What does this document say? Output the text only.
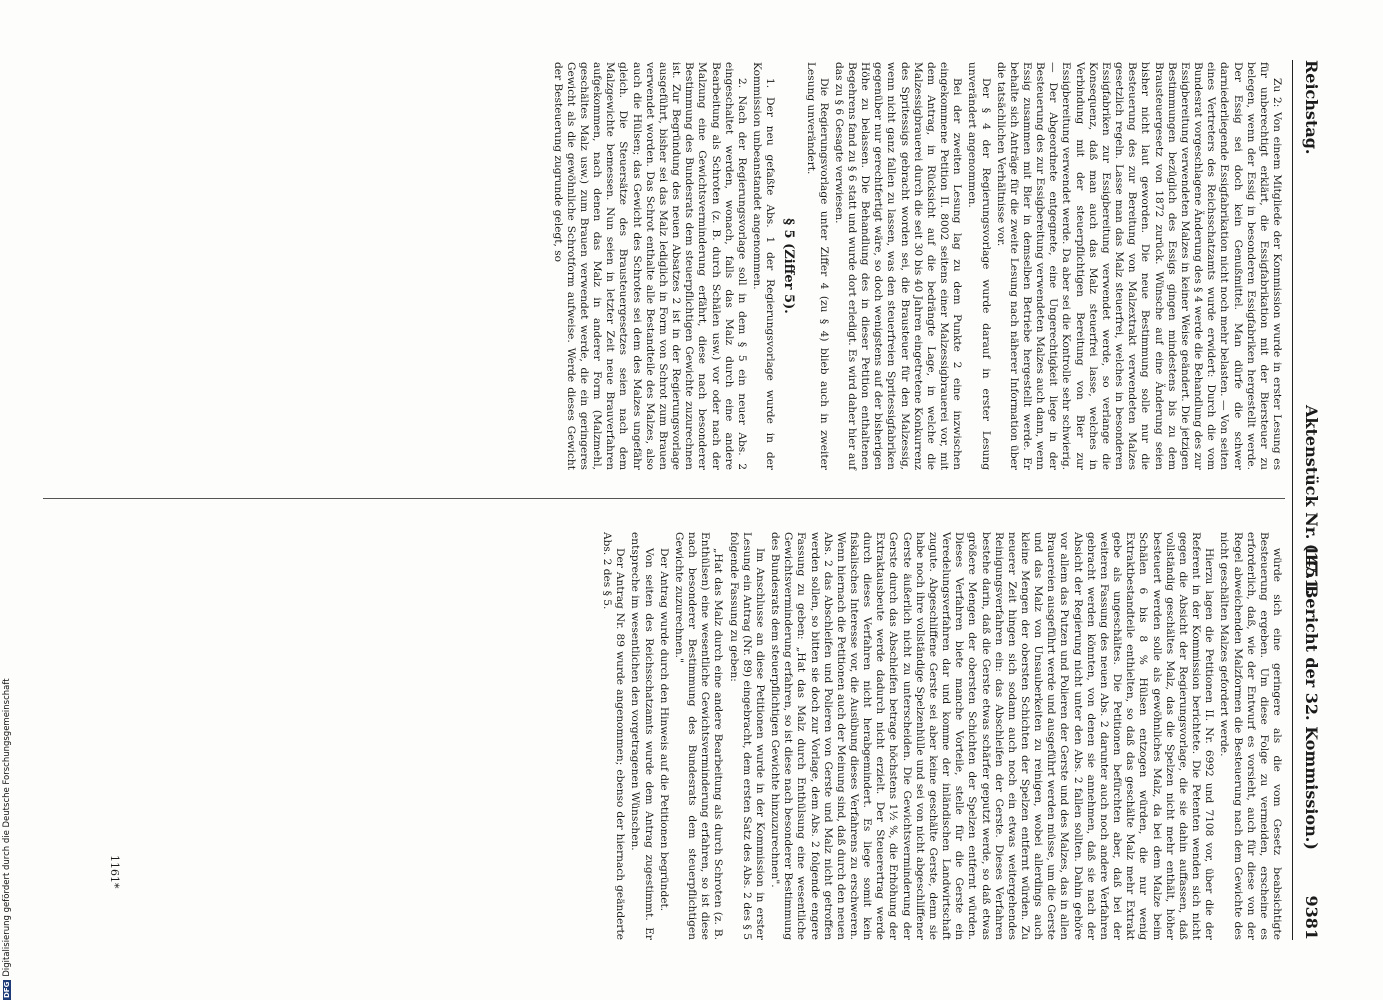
Reichstag.
Aktenstück Nr. 1451.
(17. Bericht der 32. Kommission.) 9381

Zu 2: Von einem Mitgliede der Kommission wurde in erster Lesung es für unberechtigt erklärt, die Essigfabrikation mit der Biersteuer zu belegen, wenn der Essig in besonderen Essigfabriken hergestellt werde. Der Essig sei doch kein Genußmittel. Man dürfe die schwer darniederliegende Essigfabrikation nicht noch mehr belasten. — Von seiten eines Vertreters des Reichsschatzamts wurde erwidert: Durch die vom Bundesrat vorgeschlagene Änderung des § 4 werde die Behandlung des zur Essigbereitung verwendeten Malzes in keiner Weise geändert. Die jetzigen Bestimmungen bezüglich des Essigs gingen mindestens bis zu dem Brausteuergesetz von 1872 zurück. Wünsche auf eine Änderung seien bisher nicht laut geworden. Die neue Bestimmung solle nur die Besteuerung des zur Bereitung von Malzextrakt verwendeten Malzes gesetzlich regeln. Lasse man das Malz steuerfrei, welches in besonderen Essigfabriken zur Essigbereitung verwendet werde, so verlange die Konsequenz, daß man auch das Malz steuerfrei lasse, welches in Verbindung mit der steuerpflichtigen Bereitung von Bier zur Essigbereitung verwendet werde. Da aber sei die Kontrolle sehr schwierig. — Der Abgeordnete entgegnete, eine Ungerechtigkeit liege in der Besteuerung des zur Essigbereitung verwendeten Malzes auch dann, wenn Essig zusammen mit Bier in demselben Betriebe hergestellt werde. Er behalte sich Anträge für die zweite Lesung nach näherer Information über die tatsächlichen Verhältnisse vor.

Der § 4 der Regierungsvorlage wurde darauf in erster Lesung unverändert angenommen.

Bei der zweiten Lesung lag zu dem Punkte 2 eine inzwischen eingekommene Petition II. 8002 seitens einer Malzessigbrauerei vor, mit dem Antrag, in Rücksicht auf die bedrängte Lage, in welche die Malzessigbrauerei durch die seit 30 bis 40 Jahren eingetretene Konkurrenz des Spritessigs gebracht worden sei, die Brausteuer für den Malzessig, wenn nicht ganz fallen zu lassen, was den steuerfreien Spritessigfabriken gegenüber nur gerechtfertigt wäre, so doch wenigstens auf der bisherigen Höhe zu belassen. Die Behandlung des in dieser Petition enthaltenen Begehrens fand zu § 6 statt und wurde dort erledigt. Es wird daher hier auf das zu § 6 Gesagte verwiesen.

Die Regierungsvorlage unter Ziffer 4 (zu § 4) blieb auch in zweiter Lesung unverändert.

§ 5 (Ziffer 5).

1. Der neu gefaßte Abs. 1 der Regierungsvorlage wurde in der Kommission unbeanstandet angenommen.

2. Nach der Regierungsvorlage soll in dem § 5 ein neuer Abs. 2 eingeschaltet werden, wonach, falls das Malz durch eine andere Bearbeitung als Schroten (z. B. durch Schälen usw.) vor oder nach der Malzung eine Gewichtsverminderung erfährt, diese nach besonderer Bestimmung des Bundesrats dem steuerpflichtigen Gewichte zuzurechnen ist. Zur Begründung des neuen Absatzes 2 ist in der Regierungsvorlage ausgeführt, bisher sei das Malz lediglich in Form von Schrot zum Brauen verwendet worden. Das Schrot enthalte alle Bestandteile des Malzes, also auch die Hülsen; das Gewicht des Schrotes sei dem des Malzes ungefähr gleich. Die Steuersätze des Brausteuergesetzes seien nach dem Malzgewichte bemessen. Nun seien in letzter Zeit neue Brauverfahren aufgekommen, nach denen das Malz in anderer Form (Malzmehl, geschältes Malz usw.) zum Brauen verwendet werde, die ein geringeres Gewicht als die gewöhnliche Schrotform aufweise. Werde dieses Gewicht der Besteuerung zugrunde gelegt, so

würde sich eine geringere als die vom Gesetz beabsichtigte Besteuerung ergeben. Um diese Folge zu vermeiden, erscheine es erforderlich, daß, wie der Entwurf es vorsieht, auch für diese von der Regel abweichenden Malzformen die Besteuerung nach dem Gewichte des nicht geschälten Malzes gefordert werde.

Hierzu lagen die Petitionen II. Nr. 6992 und 7108 vor, über die der Referent in der Kommission berichtete. Die Petenten wenden sich nicht gegen die Absicht der Regierungsvorlage, die sie dahin auffassen, daß vollständig geschältes Malz, das die Spelzen nicht mehr enthält, höher besteuert werden solle als gewöhnliches Malz, da bei dem Malze beim Schälen 6 bis 8 % Hülsen entzogen würden, die nur wenig Extraktbestandteile enthielten, so daß das geschälte Malz mehr Extrakt gebe als ungeschältes. Die Petitionen befürchten aber, daß bei der weiteren Fassung des neuen Abs. 2 darunter auch noch andere Verfahren gebracht werden könnten, von denen sie annehmen, daß sie nach der Absicht der Regierung nicht unter den Abs. 2 fallen sollten. Dahin gehöre vor allem das Putzen und Polieren der Gerste und des Malzes, das in allen Brauereien ausgeführt werde und ausgeführt werden müsse, um die Gerste und das Malz von Unsauberkeiten zu reinigen, wobei allerdings auch kleine Mengen der obersten Schichten der Spelzen entfernt würden. Zu neuerer Zeit hingen sich sodann auch noch ein etwas weitergehendes Reinigungsverfahren ein: das Abschleifen der Gerste. Dieses Verfahren bestehe darin, daß die Gerste etwas schärfer geputzt werde, so daß etwas größere Mengen der obersten Schichten der Spelzen entfernt würden. Dieses Verfahren biete manche Vorteile, stelle für die Gerste ein Veredelungsverfahren dar und komme der inländischen Landwirtschaft zugute. Abgeschliffene Gerste sei aber keine geschälte Gerste, denn sie habe noch ihre vollständige Spelzenhülle und sei von nicht abgeschliffener Gerste äußerlich nicht zu unterscheiden. Die Gewichtsverminderung der Gerste durch das Abschleifen betrage höchstens 1½ %, die Erhöhung der Extraktausbeute werde dadurch nicht erzielt. Der Steuerertrag werde durch dieses Verfahren nicht herabgemindert. Es liege somit kein fiskalisches Interesse vor, die Ausübung dieses Verfahrens zu erschweren. Wenn hiernach die Petitionen auch der Meinung sind, daß durch den neuen Abs. 2 das Abschleifen und Polieren von Gerste und Malz nicht getroffen werden sollen, so bitten sie doch zur Vorlage, dem Abs. 2 folgende engere Fassung zu geben: „Hat das Malz durch Enthülsung eine wesentliche Gewichtsverminderung erfahren, so ist diese nach besonderer Bestimmung des Bundesrats dem steuerpflichtigen Gewichte hinzuzurechnen".

Im Anschlusse an diese Petitionen wurde in der Kommission in erster Lesung ein Antrag (Nr. 89) eingebracht, dem ersten Satz des Abs. 2 des § 5 folgende Fassung zu geben:

„Hat das Malz durch eine andere Bearbeitung als durch Schroten (z. B. Enthülsen) eine wesentliche Gewichtsverminderung erfahren, so ist diese nach besonderer Bestimmung des Bundesrats dem steuerpflichtigen Gewichte zuzurechnen."

Der Antrag wurde durch den Hinweis auf die Petitionen begründet.

Von seiten des Reichsschatzamts wurde dem Antrag zugestimmt. Er entspreche im wesentlichen den vorgetragenen Wünschen.

Der Antrag Nr. 89 wurde angenommen; ebenso der hiernach geänderte Abs. 2 des § 5.

1161*
DFGDigitalisierung gefördert durch die Deutsche Forschungsgemeinschaft
